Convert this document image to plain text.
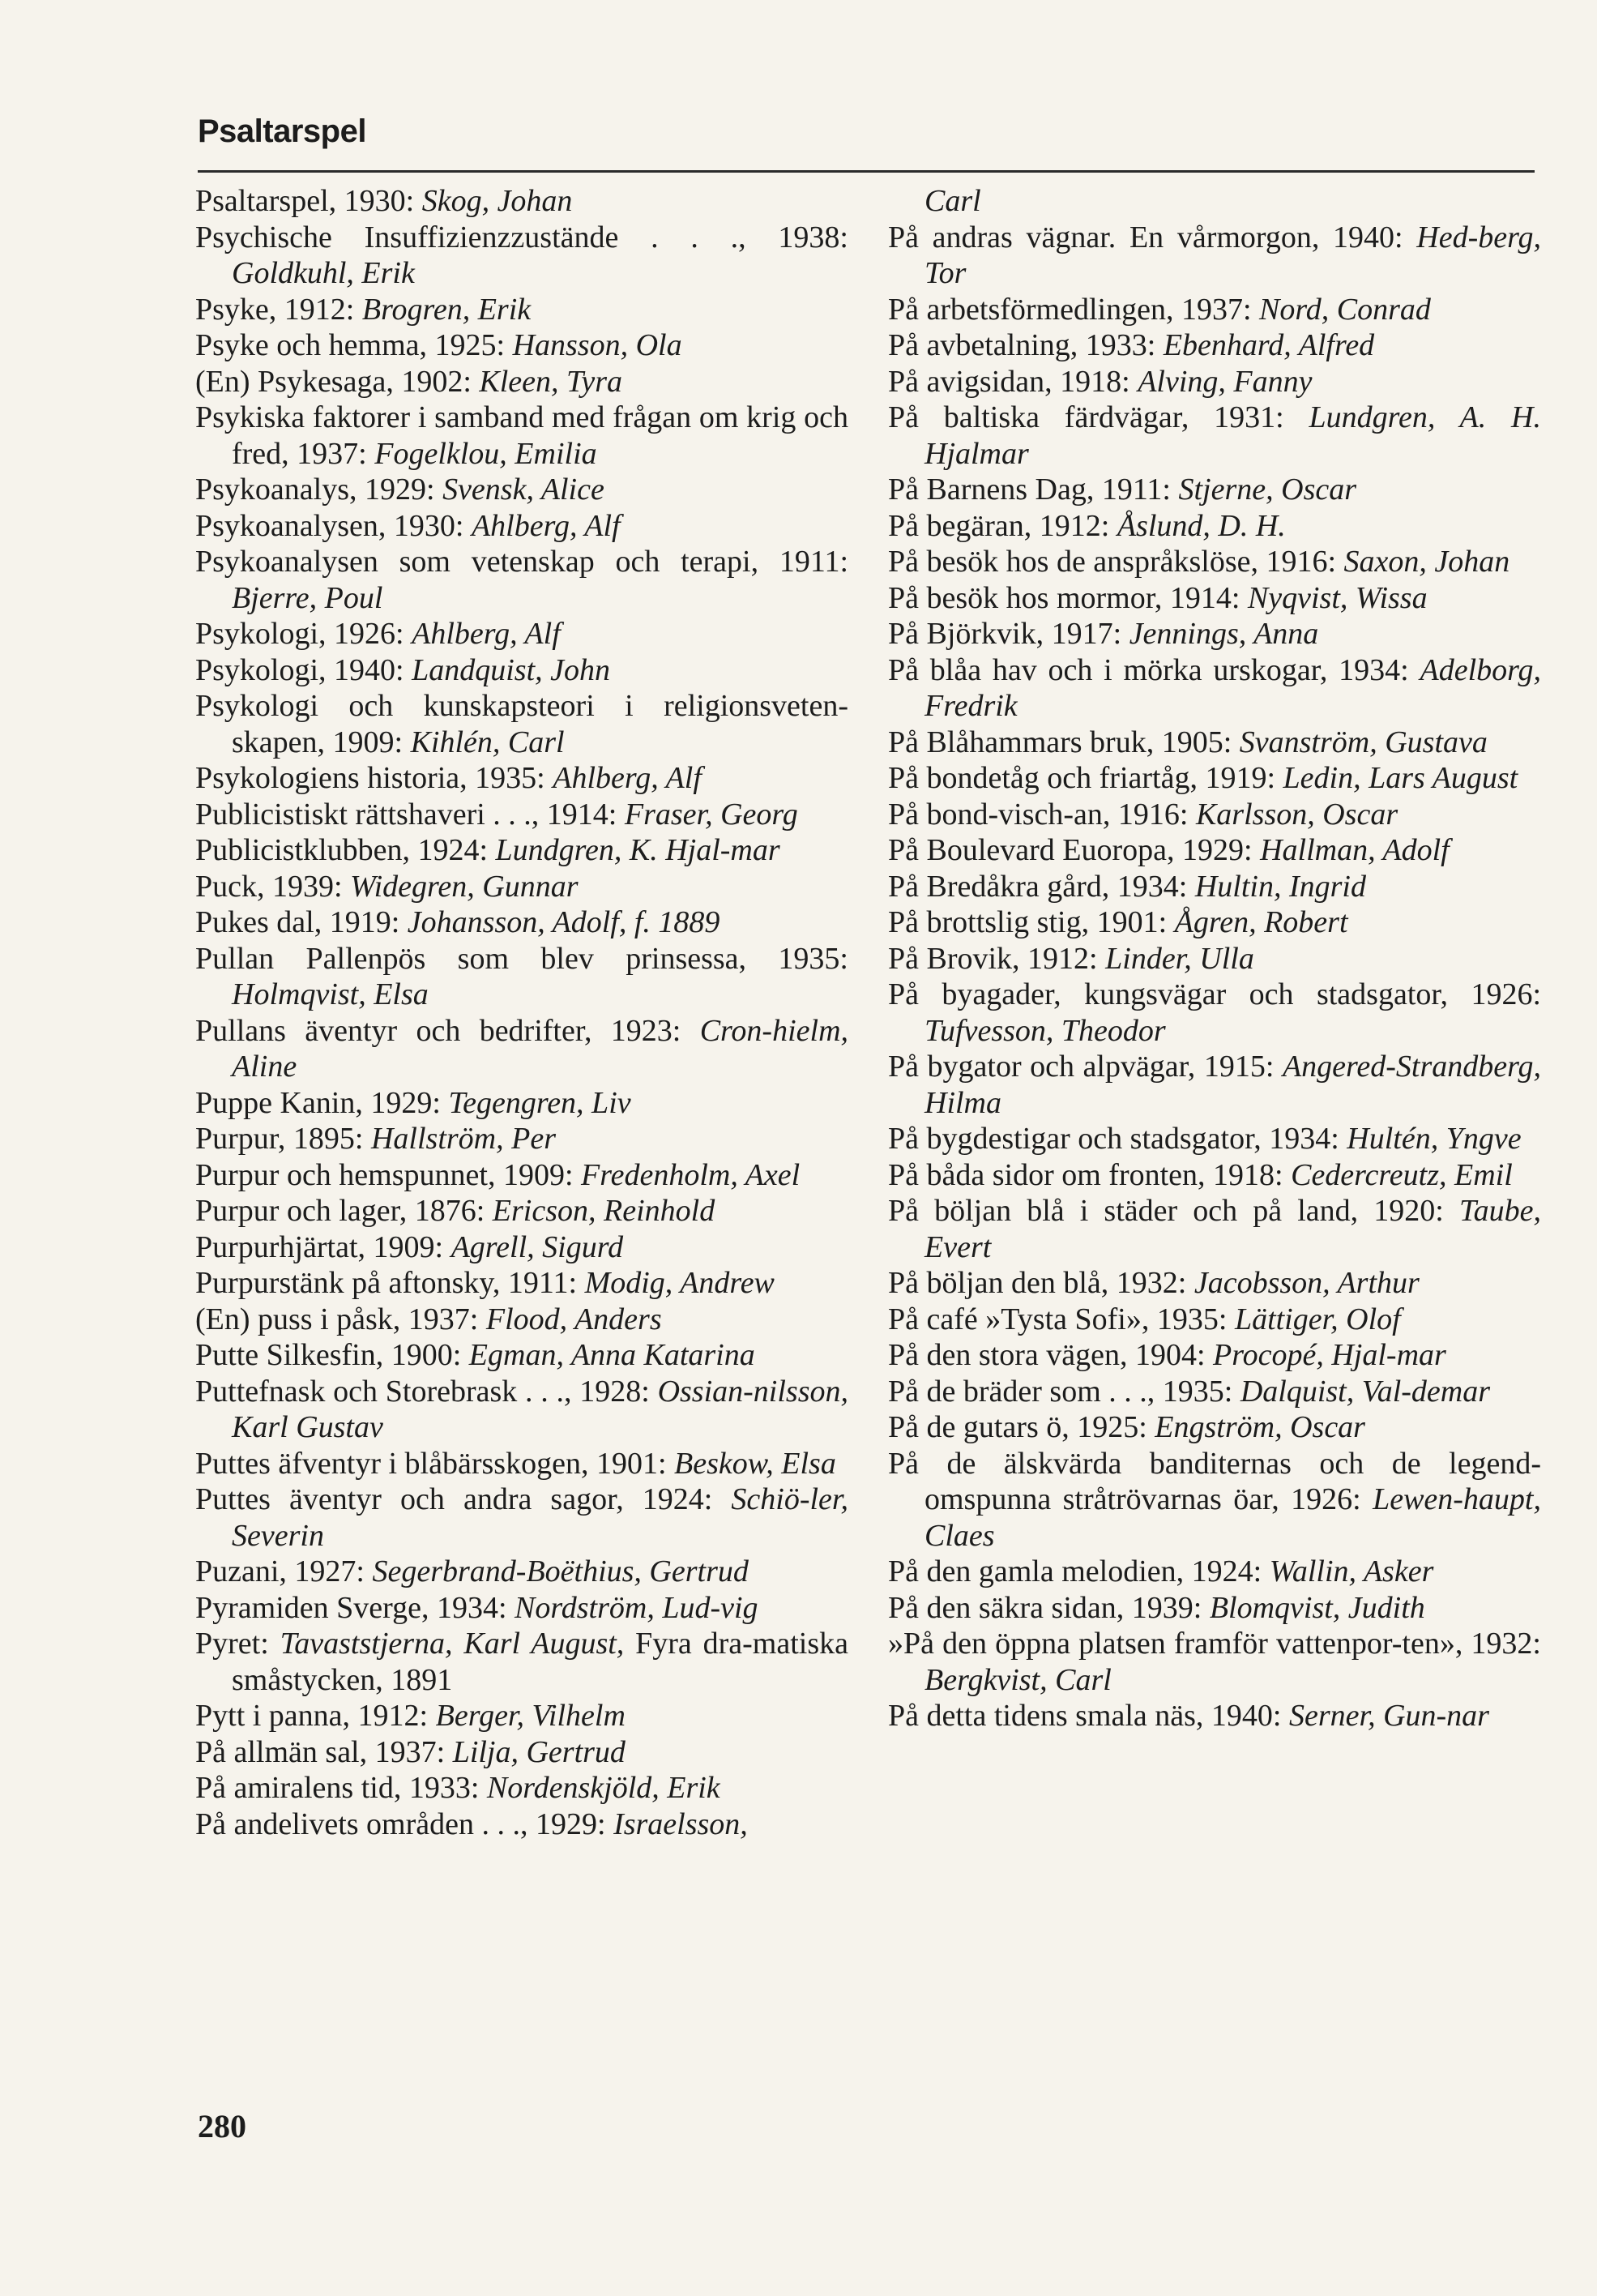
Psaltarspel
Psaltarspel, 1930: Skog, Johan
Psychische Insuffizienzzustände . . ., 1938: Goldkuhl, Erik
Psyke, 1912: Brogren, Erik
Psyke och hemma, 1925: Hansson, Ola
(En) Psykesaga, 1902: Kleen, Tyra
Psykiska faktorer i samband med frågan om krig och fred, 1937: Fogelklou, Emilia
Psykoanalys, 1929: Svensk, Alice
Psykoanalysen, 1930: Ahlberg, Alf
Psykoanalysen som vetenskap och terapi, 1911: Bjerre, Poul
Psykologi, 1926: Ahlberg, Alf
Psykologi, 1940: Landquist, John
Psykologi och kunskapsteori i religionsveten-skapen, 1909: Kihlén, Carl
Psykologiens historia, 1935: Ahlberg, Alf
Publicistiskt rättshaveri . . ., 1914: Fraser, Georg
Publicistklubben, 1924: Lundgren, K. Hjal-mar
Puck, 1939: Widegren, Gunnar
Pukes dal, 1919: Johansson, Adolf, f. 1889
Pullan Pallenpös som blev prinsessa, 1935: Holmqvist, Elsa
Pullans äventyr och bedrifter, 1923: Cron-hielm, Aline
Puppe Kanin, 1929: Tegengren, Liv
Purpur, 1895: Hallström, Per
Purpur och hemspunnet, 1909: Fredenholm, Axel
Purpur och lager, 1876: Ericson, Reinhold
Purpurhjärtat, 1909: Agrell, Sigurd
Purpurstänk på aftonsky, 1911: Modig, Andrew
(En) puss i påsk, 1937: Flood, Anders
Putte Silkesfin, 1900: Egman, Anna Katarina
Puttefnask och Storebrask . . ., 1928: Ossian-nilsson, Karl Gustav
Puttes äfventyr i blåbärsskogen, 1901: Beskow, Elsa
Puttes äventyr och andra sagor, 1924: Schiö-ler, Severin
Puzani, 1927: Segerbrand-Boëthius, Gertrud
Pyramiden Sverge, 1934: Nordström, Lud-vig
Pyret: Tavaststjerna, Karl August, Fyra dra-matiska småstycken, 1891
Pytt i panna, 1912: Berger, Vilhelm
På allmän sal, 1937: Lilja, Gertrud
På amiralens tid, 1933: Nordenskjöld, Erik
På andelivets områden . . ., 1929: Israelsson,
Carl
På andras vägnar. En vårmorgon, 1940: Hed-berg, Tor
På arbetsförmedlingen, 1937: Nord, Conrad
På avbetalning, 1933: Ebenhard, Alfred
På avigsidan, 1918: Alving, Fanny
På baltiska färdvägar, 1931: Lundgren, A. H. Hjalmar
På Barnens Dag, 1911: Stjerne, Oscar
På begäran, 1912: Åslund, D. H.
På besök hos de anspråkslöse, 1916: Saxon, Johan
På besök hos mormor, 1914: Nyqvist, Wissa
På Björkvik, 1917: Jennings, Anna
På blåa hav och i mörka urskogar, 1934: Adelborg, Fredrik
På Blåhammars bruk, 1905: Svanström, Gustava
På bondetåg och friartåg, 1919: Ledin, Lars August
På bond-visch-an, 1916: Karlsson, Oscar
På Boulevard Euoropa, 1929: Hallman, Adolf
På Bredåkra gård, 1934: Hultin, Ingrid
På brottslig stig, 1901: Ågren, Robert
På Brovik, 1912: Linder, Ulla
På byagader, kungsvägar och stadsgator, 1926: Tufvesson, Theodor
På bygator och alpvägar, 1915: Angered-Strandberg, Hilma
På bygdestigar och stadsgator, 1934: Hultén, Yngve
På båda sidor om fronten, 1918: Cedercreutz, Emil
På böljan blå i städer och på land, 1920: Taube, Evert
På böljan den blå, 1932: Jacobsson, Arthur
På café »Tysta Sofi», 1935: Lättiger, Olof
På den stora vägen, 1904: Procopé, Hjal-mar
På de bräder som . . ., 1935: Dalquist, Val-demar
På de gutars ö, 1925: Engström, Oscar
På de älskvärda banditernas och de legend-omspunna stråtrövarnas öar, 1926: Lewen-haupt, Claes
På den gamla melodien, 1924: Wallin, Asker
På den säkra sidan, 1939: Blomqvist, Judith
»På den öppna platsen framför vattenpor-ten», 1932: Bergkvist, Carl
På detta tidens smala näs, 1940: Serner, Gun-nar
280
